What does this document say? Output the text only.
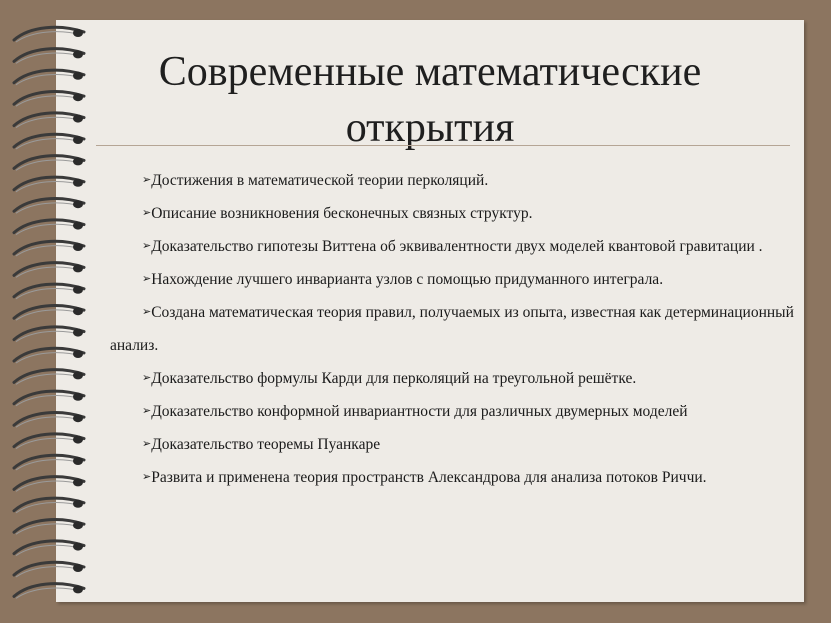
Современные математические
открытия
➢Достижения в математической теории перколяций.
➢Описание возникновения бесконечных связных структур.
➢Доказательство гипотезы Виттена об эквивалентности двух моделей квантовой гравитации .
➢Нахождение лучшего инварианта узлов с помощью придуманного интеграла.
➢Создана математическая теория правил, получаемых из опыта, известная как детерминационный анализ.
➢Доказательство формулы Карди для перколяций на треугольной решётке.
➢Доказательство конформной инвариантности для различных двумерных моделей
➢Доказательство теоремы Пуанкаре
➢Развита и применена теория пространств Александрова для анализа потоков Риччи.
